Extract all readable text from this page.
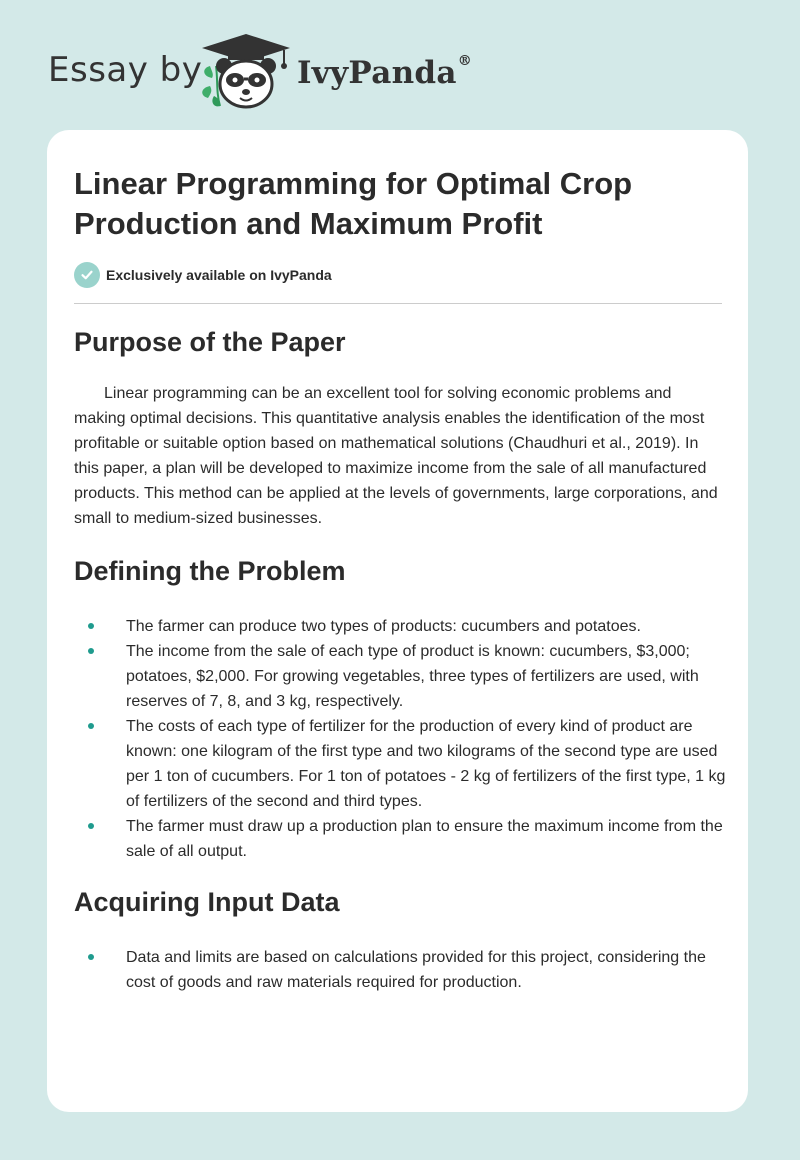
Essay by	IvyPanda®
Linear Programming for Optimal Crop Production and Maximum Profit
Exclusively available on IvyPanda
Purpose of the Paper

Linear programming can be an excellent tool for solving economic problems and making optimal decisions. This quantitative analysis enables the identification of the most profitable or suitable option based on mathematical solutions (Chaudhuri et al., 2019). In this paper, a plan will be developed to maximize income from the sale of all manufactured products. This method can be applied at the levels of governments, large corporations, and small to medium-sized businesses.

Defining the Problem
The farmer can produce two types of products: cucumbers and potatoes.
The income from the sale of each type of product is known: cucumbers, $3,000; potatoes, $2,000. For growing vegetables, three types of fertilizers are used, with reserves of 7, 8, and 3 kg, respectively.
The costs of each type of fertilizer for the production of every kind of product are known: one kilogram of the first type and two kilograms of the second type are used per 1 ton of cucumbers. For 1 ton of potatoes - 2 kg of fertilizers of the first type, 1 kg of fertilizers of the second and third types.
The farmer must draw up a production plan to ensure the maximum income from the sale of all output.
Acquiring Input Data
Data and limits are based on calculations provided for this project, considering the cost of goods and raw materials required for production.
